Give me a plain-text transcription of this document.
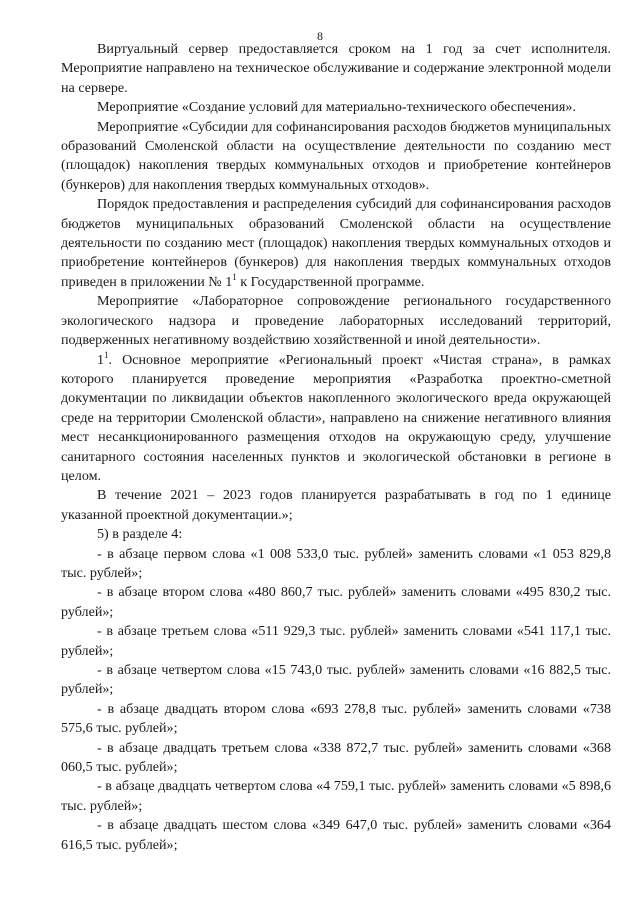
8

Виртуальный сервер предоставляется сроком на 1 год за счет исполнителя. Мероприятие направлено на техническое обслуживание и содержание электронной модели на сервере.

Мероприятие «Создание условий для материально-технического обеспечения».

Мероприятие «Субсидии для софинансирования расходов бюджетов муниципальных образований Смоленской области на осуществление деятельности по созданию мест (площадок) накопления твердых коммунальных отходов и приобретение контейнеров (бункеров) для накопления твердых коммунальных отходов».

Порядок предоставления и распределения субсидий для софинансирования расходов бюджетов муниципальных образований Смоленской области на осуществление деятельности по созданию мест (площадок) накопления твердых коммунальных отходов и приобретение контейнеров (бункеров) для накопления твердых коммунальных отходов приведен в приложении № $1^1$ к Государственной программе.

Мероприятие «Лабораторное сопровождение регионального государственного экологического надзора и проведение лабораторных исследований территорий, подверженных негативному воздействию хозяйственной и иной деятельности».

$1^1$. Основное мероприятие «Региональный проект «Чистая страна», в рамках которого планируется проведение мероприятия «Разработка проектно-сметной документации по ликвидации объектов накопленного экологического вреда окружающей среде на территории Смоленской области», направлено на снижение негативного влияния мест несанкционированного размещения отходов на окружающую среду, улучшение санитарного состояния населенных пунктов и экологической обстановки в регионе в целом.

В течение 2021 – 2023 годов планируется разрабатывать в год по 1 единице указанной проектной документации.»;

5) в разделе 4:

- в абзаце первом слова «1 008 533,0 тыс. рублей» заменить словами «1 053 829,8 тыс. рублей»;

- в абзаце втором слова «480 860,7 тыс. рублей» заменить словами «495 830,2 тыс. рублей»;

- в абзаце третьем слова «511 929,3 тыс. рублей» заменить словами «541 117,1 тыс. рублей»;

- в абзаце четвертом слова «15 743,0 тыс. рублей» заменить словами «16 882,5 тыс. рублей»;

- в абзаце двадцать втором слова «693 278,8 тыс. рублей» заменить словами «738 575,6 тыс. рублей»;

- в абзаце двадцать третьем слова «338 872,7 тыс. рублей» заменить словами «368 060,5 тыс. рублей»;

- в абзаце двадцать четвертом слова «4 759,1 тыс. рублей» заменить словами «5 898,6 тыс. рублей»;

- в абзаце двадцать шестом слова «349 647,0 тыс. рублей» заменить словами «364 616,5 тыс. рублей»;
